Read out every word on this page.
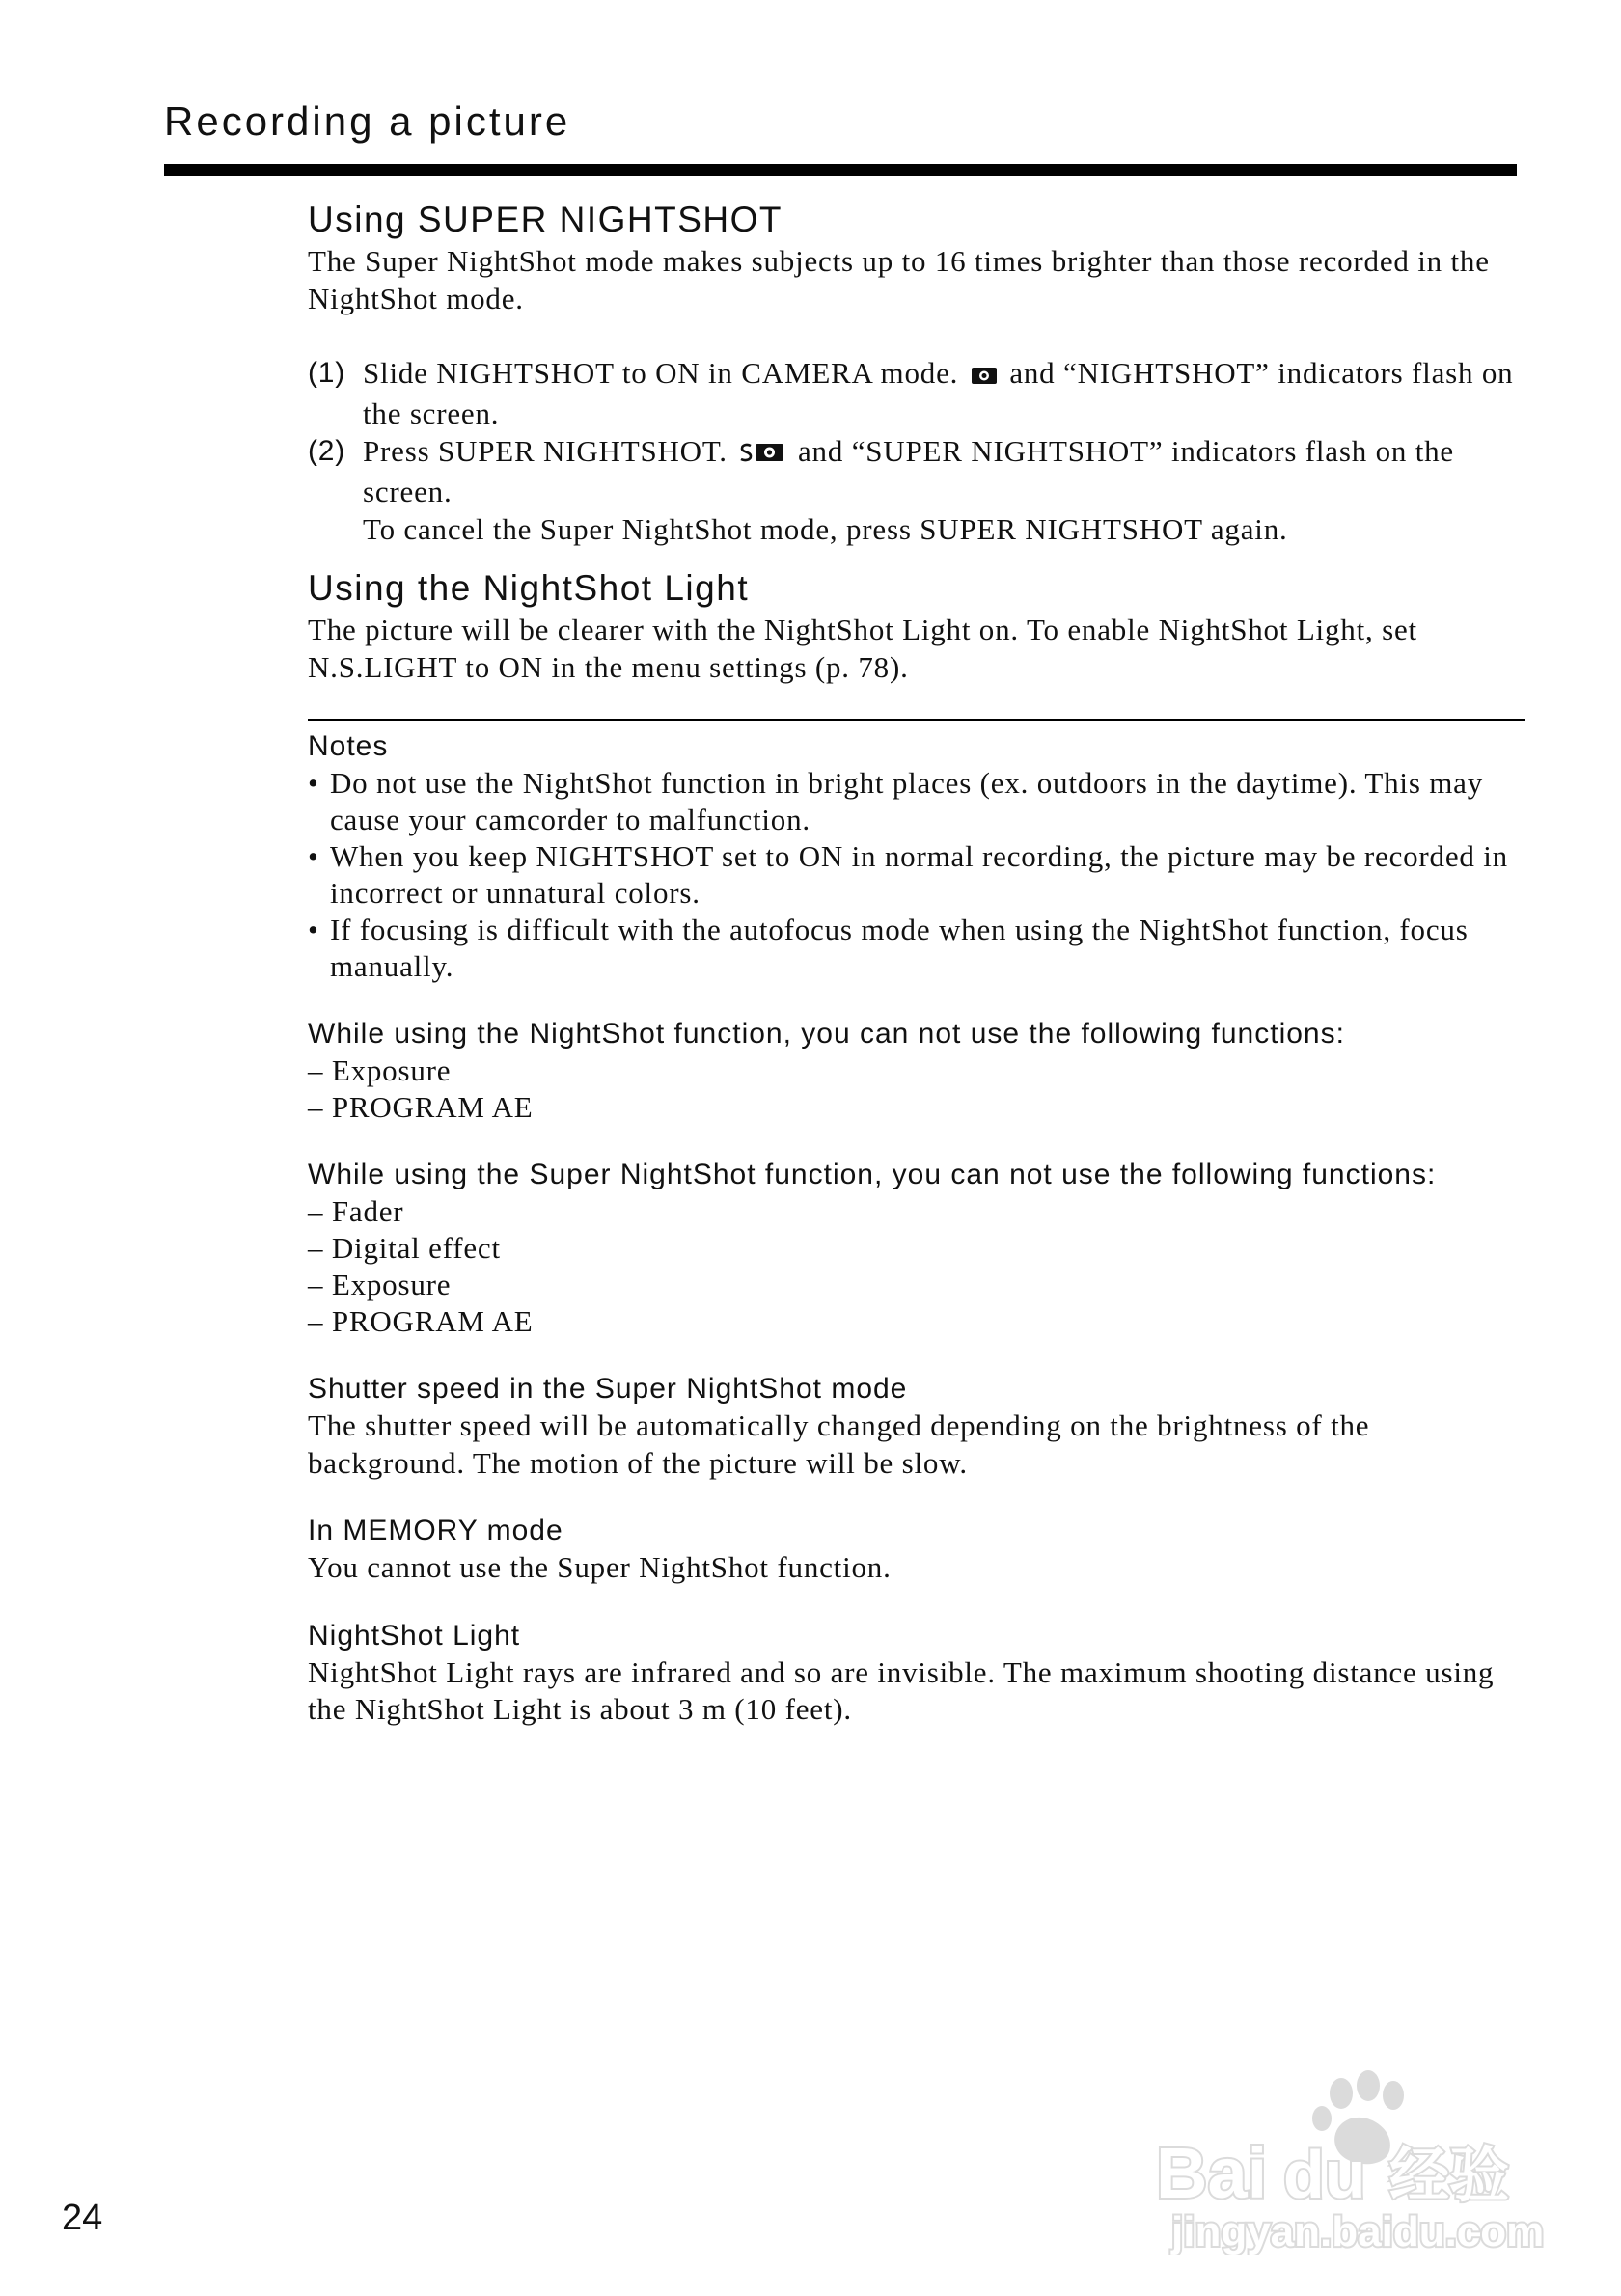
Recording a picture
Using SUPER NIGHTSHOT
The Super NightShot mode makes subjects up to 16 times brighter than those recorded in the NightShot mode.
(1) Slide NIGHTSHOT to ON in CAMERA mode. and “NIGHTSHOT” indicators flash on the screen.
(2) Press SUPER NIGHTSHOT. and “SUPER NIGHTSHOT” indicators flash on the screen.
To cancel the Super NightShot mode, press SUPER NIGHTSHOT again.
Using the NightShot Light
The picture will be clearer with the NightShot Light on. To enable NightShot Light, set N.S.LIGHT to ON in the menu settings (p. 78).
Notes
• Do not use the NightShot function in bright places (ex. outdoors in the daytime). This may cause your camcorder to malfunction.
• When you keep NIGHTSHOT set to ON in normal recording, the picture may be recorded in incorrect or unnatural colors.
• If focusing is difficult with the autofocus mode when using the NightShot function, focus manually.
While using the NightShot function, you can not use the following functions:
– Exposure
– PROGRAM AE
While using the Super NightShot function, you can not use the following functions:
– Fader
– Digital effect
– Exposure
– PROGRAM AE
Shutter speed in the Super NightShot mode
The shutter speed will be automatically changed depending on the brightness of the background. The motion of the picture will be slow.
In MEMORY mode
You cannot use the Super NightShot function.
NightShot Light
NightShot Light rays are infrared and so are invisible. The maximum shooting distance using the NightShot Light is about 3 m (10 feet).
24
Bai du 经验
jingyan.baidu.com
